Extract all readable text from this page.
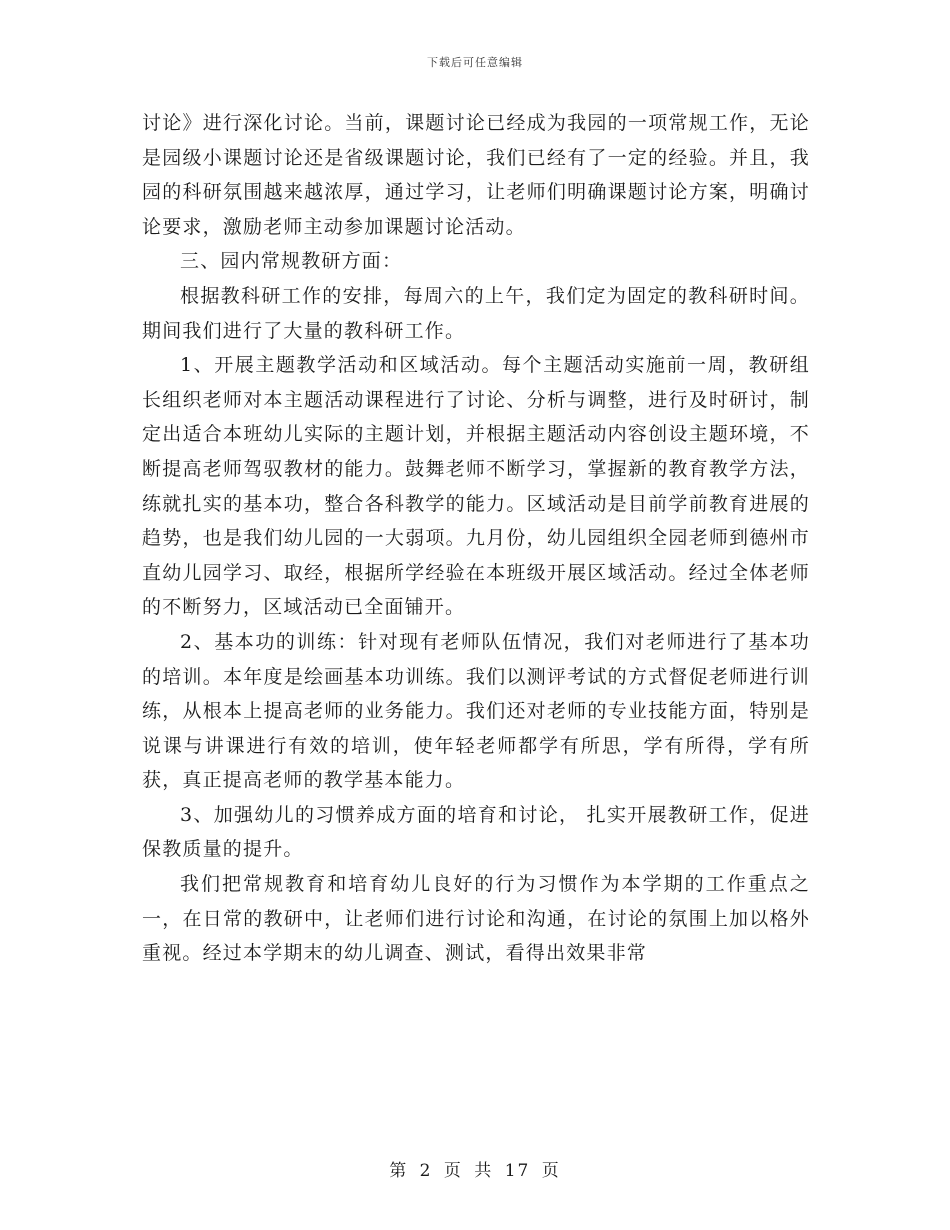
下载后可任意编辑

讨论》进行深化讨论。当前，课题讨论已经成为我园的一项常规工作，无论是园级小课题讨论还是省级课题讨论，我们已经有了一定的经验。并且，我园的科研氛围越来越浓厚，通过学习，让老师们明确课题讨论方案，明确讨论要求，激励老师主动参加课题讨论活动。

三、园内常规教研方面：

根据教科研工作的安排，每周六的上午，我们定为固定的教科研时间。期间我们进行了大量的教科研工作。

1、开展主题教学活动和区域活动。每个主题活动实施前一周，教研组长组织老师对本主题活动课程进行了讨论、分析与调整，进行及时研讨，制定出适合本班幼儿实际的主题计划，并根据主题活动内容创设主题环境，不断提高老师驾驭教材的能力。鼓舞老师不断学习，掌握新的教育教学方法，练就扎实的基本功，整合各科教学的能力。区域活动是目前学前教育进展的趋势，也是我们幼儿园的一大弱项。九月份，幼儿园组织全园老师到德州市直幼儿园学习、取经，根据所学经验在本班级开展区域活动。经过全体老师的不断努力，区域活动已全面铺开。

2、基本功的训练：针对现有老师队伍情况，我们对老师进行了基本功的培训。本年度是绘画基本功训练。我们以测评考试的方式督促老师进行训练，从根本上提高老师的业务能力。我们还对老师的专业技能方面，特别是说课与讲课进行有效的培训，使年轻老师都学有所思，学有所得，学有所获，真正提高老师的教学基本能力。

3、加强幼儿的习惯养成方面的培育和讨论， 扎实开展教研工作，促进保教质量的提升。

我们把常规教育和培育幼儿良好的行为习惯作为本学期的工作重点之一，在日常的教研中，让老师们进行讨论和沟通，在讨论的氛围上加以格外重视。经过本学期末的幼儿调查、测试，看得出效果非常

第 2 页 共 17 页
